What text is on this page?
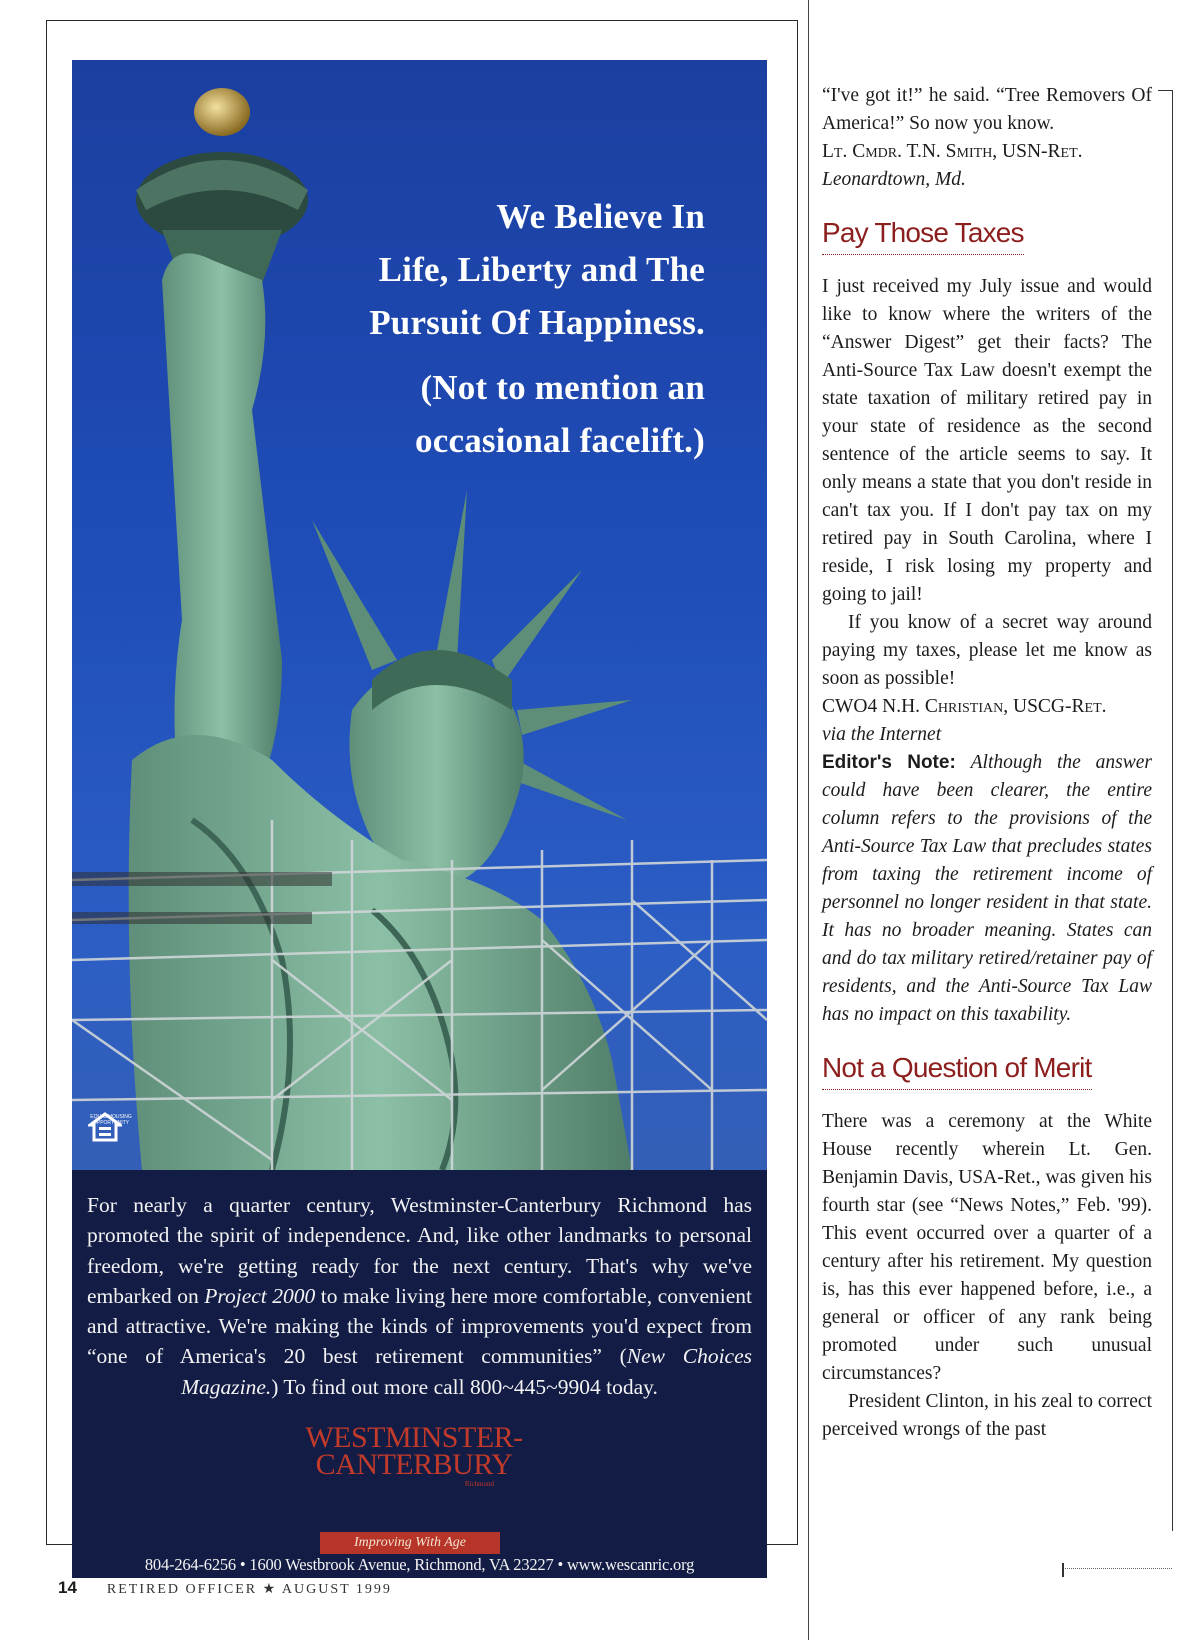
We Believe In
Life, Liberty and The
Pursuit Of Happiness.
(Not to mention an
occasional facelift.)
EQUAL HOUSING OPPORTUNITY
For nearly a quarter century, Westminster-Canterbury Richmond has promoted the spirit of independence. And, like other landmarks to personal freedom, we're getting ready for the next century. That's why we've embarked on Project 2000 to make living here more comfortable, convenient and attractive. We're making the kinds of improvements you'd expect from “one of America's 20 best retirement communities” (New Choices Magazine.) To find out more call 800~445~9904 today.
WESTMINSTER-
CANTERBURY
Richmond
Improving With Age
804-264-6256 • 1600 Westbrook Avenue, Richmond, VA 23227 • www.wescanric.org
14 RETIRED OFFICER ★ AUGUST 1999

“I've got it!” he said. “Tree Removers Of America!” So now you know.

Lt. Cmdr. T.N. Smith, USN-Ret.

Leonardtown, Md.

Pay Those Taxes

I just received my July issue and would like to know where the writers of the “Answer Digest” get their facts? The Anti-Source Tax Law doesn't exempt the state taxation of military retired pay in your state of residence as the second sentence of the article seems to say. It only means a state that you don't reside in can't tax you. If I don't pay tax on my retired pay in South Carolina, where I reside, I risk losing my property and going to jail!

If you know of a secret way around paying my taxes, please let me know as soon as possible!

CWO4 N.H. Christian, USCG-Ret.

via the Internet

Editor's Note: Although the answer could have been clearer, the entire column refers to the provisions of the Anti-Source Tax Law that precludes states from taxing the retirement income of personnel no longer resident in that state. It has no broader meaning. States can and do tax military retired/retainer pay of residents, and the Anti-Source Tax Law has no impact on this taxability.

Not a Question of Merit

There was a ceremony at the White House recently wherein Lt. Gen. Benjamin Davis, USA-Ret., was given his fourth star (see “News Notes,” Feb. '99). This event occurred over a quarter of a century after his retirement. My question is, has this ever happened before, i.e., a general or officer of any rank being promoted under such unusual circumstances?

President Clinton, in his zeal to correct perceived wrongs of the past
